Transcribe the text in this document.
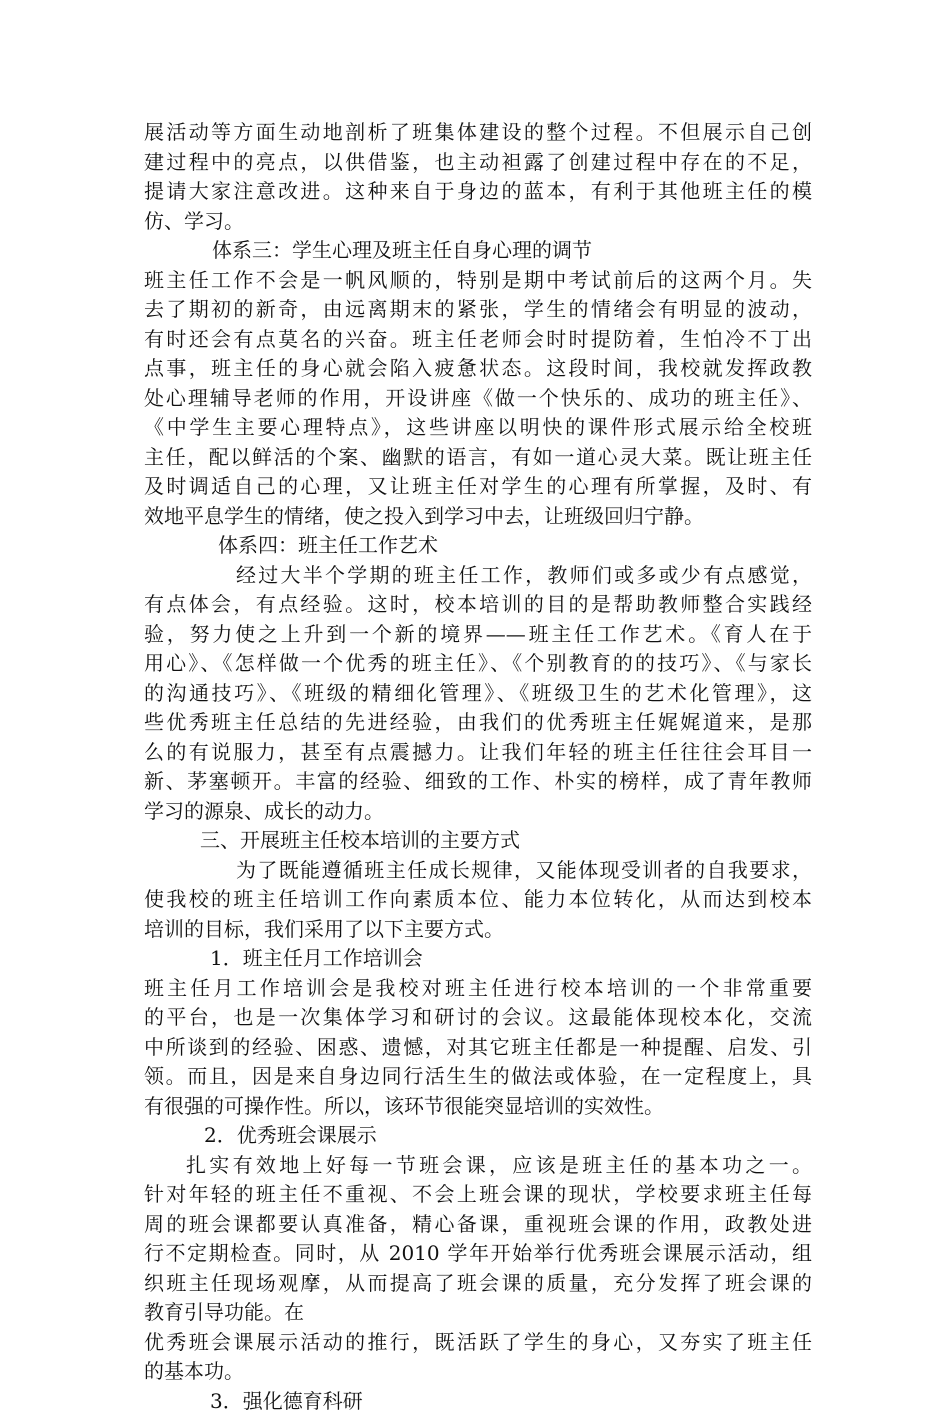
展活动等方面生动地剖析了班集体建设的整个过程。不但展示自己创
建过程中的亮点，以供借鉴，也主动袒露了创建过程中存在的不足，
提请大家注意改进。这种来自于身边的蓝本，有利于其他班主任的模
仿、学习。
体系三：学生心理及班主任自身心理的调节
班主任工作不会是一帆风顺的，特别是期中考试前后的这两个月。失
去了期初的新奇，由远离期末的紧张，学生的情绪会有明显的波动，
有时还会有点莫名的兴奋。班主任老师会时时提防着，生怕冷不丁出
点事，班主任的身心就会陷入疲惫状态。这段时间，我校就发挥政教
处心理辅导老师的作用，开设讲座《做一个快乐的、成功的班主任》、
《中学生主要心理特点》，这些讲座以明快的课件形式展示给全校班
主任，配以鲜活的个案、幽默的语言，有如一道心灵大菜。既让班主任
及时调适自己的心理，又让班主任对学生的心理有所掌握，及时、有
效地平息学生的情绪，使之投入到学习中去，让班级回归宁静。
体系四：班主任工作艺术
经过大半个学期的班主任工作，教师们或多或少有点感觉，
有点体会，有点经验。这时，校本培训的目的是帮助教师整合实践经
验，努力使之上升到一个新的境界——班主任工作艺术。《育人在于
用心》、《怎样做一个优秀的班主任》、《个别教育的的技巧》、《与家长
的沟通技巧》、《班级的精细化管理》、《班级卫生的艺术化管理》，这
些优秀班主任总结的先进经验，由我们的优秀班主任娓娓道来，是那
么的有说服力，甚至有点震撼力。让我们年轻的班主任往往会耳目一
新、茅塞顿开。丰富的经验、细致的工作、朴实的榜样，成了青年教师
学习的源泉、成长的动力。
三、开展班主任校本培训的主要方式
为了既能遵循班主任成长规律，又能体现受训者的自我要求，
使我校的班主任培训工作向素质本位、能力本位转化，从而达到校本
培训的目标，我们采用了以下主要方式。
1．班主任月工作培训会
班主任月工作培训会是我校对班主任进行校本培训的一个非常重要
的平台，也是一次集体学习和研讨的会议。这最能体现校本化，交流
中所谈到的经验、困惑、遗憾，对其它班主任都是一种提醒、启发、引
领。而且，因是来自身边同行活生生的做法或体验，在一定程度上，具
有很强的可操作性。所以，该环节很能突显培训的实效性。
2．优秀班会课展示
扎实有效地上好每一节班会课，应该是班主任的基本功之一。
针对年轻的班主任不重视、不会上班会课的现状，学校要求班主任每
周的班会课都要认真准备，精心备课，重视班会课的作用，政教处进
行不定期检查。同时，从 2010 学年开始举行优秀班会课展示活动，组
织班主任现场观摩，从而提高了班会课的质量，充分发挥了班会课的
教育引导功能。在
优秀班会课展示活动的推行，既活跃了学生的身心，又夯实了班主任
的基本功。
3．强化德育科研
